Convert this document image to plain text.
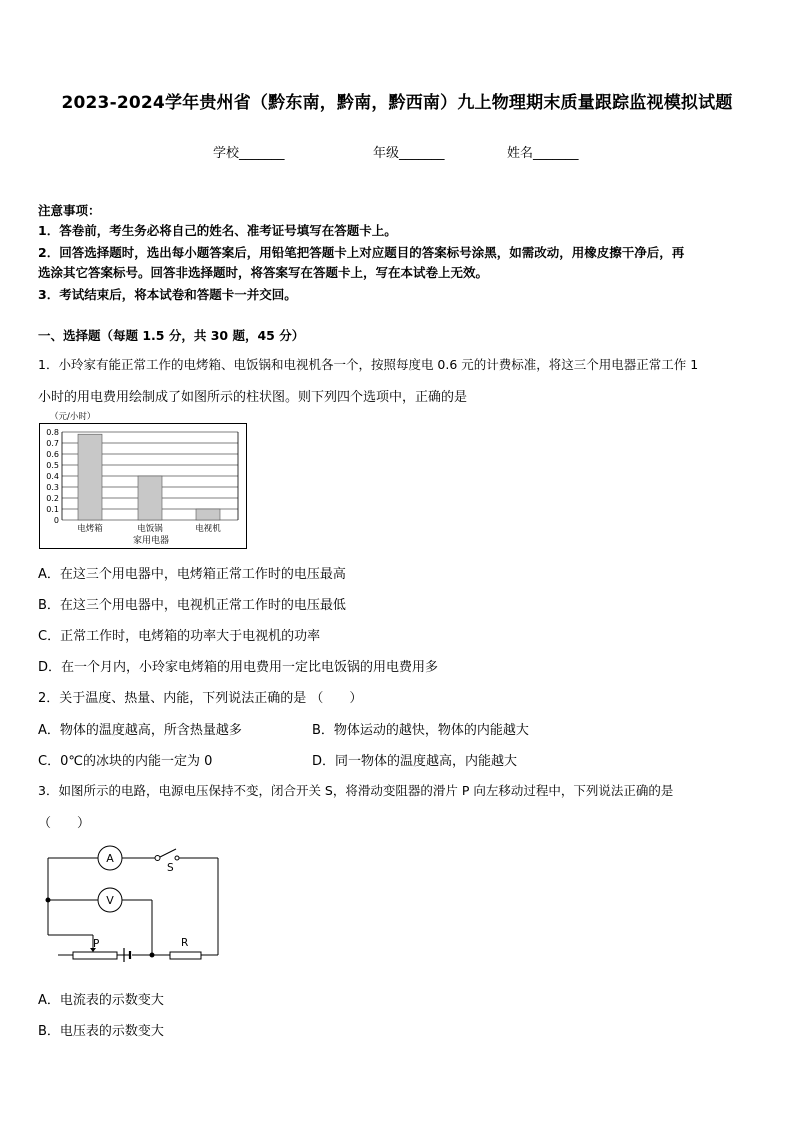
2023-2024学年贵州省（黔东南，黔南，黔西南）九上物理期末质量跟踪监视模拟试题
学校_______	年级_______	姓名_______
注意事项：
1．答卷前，考生务必将自己的姓名、准考证号填写在答题卡上。
2．回答选择题时，选出每小题答案后，用铅笔把答题卡上对应题目的答案标号涂黑，如需改动，用橡皮擦干净后，再
选涂其它答案标号。回答非选择题时，将答案写在答题卡上，写在本试卷上无效。
3．考试结束后，将本试卷和答题卡一并交回。
一、选择题（每题 1.5 分，共 30 题，45 分）
1．小玲家有能正常工作的电烤箱、电饭锅和电视机各一个，按照每度电 0.6 元的计费标准，将这三个用电器正常工作 1
小时的用电费用绘制成了如图所示的柱状图。则下列四个选项中，正确的是
（元/小时）
0
0.1
0.2
0.3
0.4
0.5
0.6
0.7
0.8
电烤箱	电饭锅	电视机
家用电器
A．在这三个用电器中，电烤箱正常工作时的电压最高
B．在这三个用电器中，电视机正常工作时的电压最低
C．正常工作时，电烤箱的功率大于电视机的功率
D．在一个月内，小玲家电烤箱的用电费用一定比电饭锅的用电费用多
2．关于温度、热量、内能，下列说法正确的是 （　　）
A．物体的温度越高，所含热量越多	B．物体运动的越快，物体的内能越大
C．0℃的冰块的内能一定为 0	D．同一物体的温度越高，内能越大
3．如图所示的电路，电源电压保持不变，闭合开关 S，将滑动变阻器的滑片 P 向左移动过程中，下列说法正确的是
（　　）
A
S
V
P	R
A．电流表的示数变大
B．电压表的示数变大
